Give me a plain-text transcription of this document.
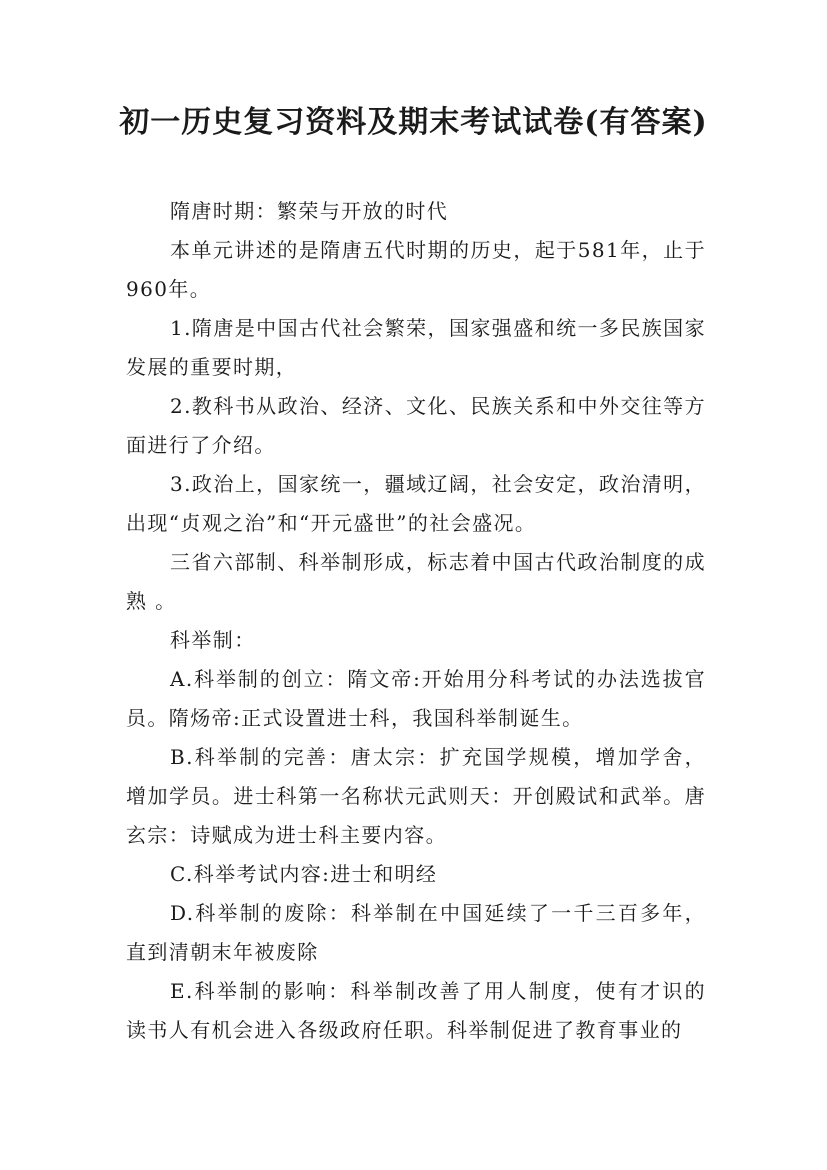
初一历史复习资料及期末考试试卷(有答案)

隋唐时期：繁荣与开放的时代

本单元讲述的是隋唐五代时期的历史，起于581年，止于960年。

1.隋唐是中国古代社会繁荣，国家强盛和统一多民族国家发展的重要时期，

2.教科书从政治、经济、文化、民族关系和中外交往等方面进行了介绍。

3.政治上，国家统一，疆域辽阔，社会安定，政治清明，出现“贞观之治”和“开元盛世”的社会盛况。

三省六部制、科举制形成，标志着中国古代政治制度的成熟 。

科举制：

A.科举制的创立：隋文帝:开始用分科考试的办法选拔官员。隋炀帝:正式设置进士科，我国科举制诞生。

B.科举制的完善：唐太宗：扩充国学规模，增加学舍，增加学员。进士科第一名称状元武则天：开创殿试和武举。唐玄宗：诗赋成为进士科主要内容。

C.科举考试内容:进士和明经

D.科举制的废除：科举制在中国延续了一千三百多年，直到清朝末年被废除

E.科举制的影响：科举制改善了用人制度，使有才识的读书人有机会进入各级政府任职。科举制促进了教育事业的
